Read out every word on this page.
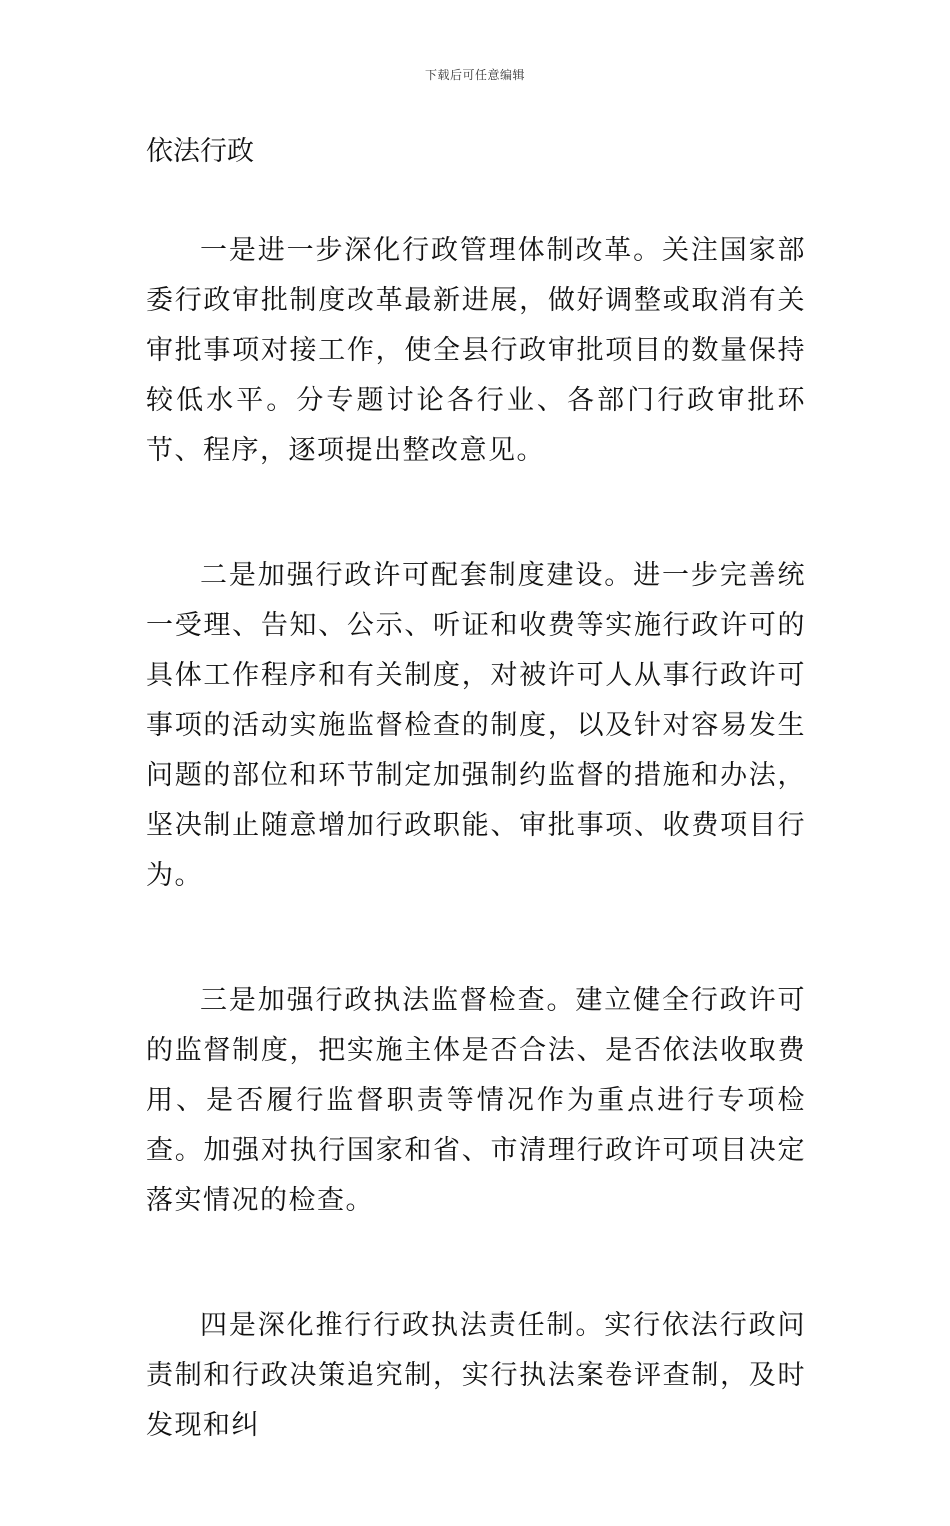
下载后可任意编辑
依法行政

一是进一步深化行政管理体制改革。关注国家部委行政审批制度改革最新进展，做好调整或取消有关审批事项对接工作，使全县行政审批项目的数量保持较低水平。分专题讨论各行业、各部门行政审批环节、程序，逐项提出整改意见。

二是加强行政许可配套制度建设。进一步完善统一受理、告知、公示、听证和收费等实施行政许可的具体工作程序和有关制度，对被许可人从事行政许可事项的活动实施监督检查的制度，以及针对容易发生问题的部位和环节制定加强制约监督的措施和办法，坚决制止随意增加行政职能、审批事项、收费项目行为。

三是加强行政执法监督检查。建立健全行政许可的监督制度，把实施主体是否合法、是否依法收取费用、是否履行监督职责等情况作为重点进行专项检查。加强对执行国家和省、市清理行政许可项目决定落实情况的检查。

四是深化推行行政执法责任制。实行依法行政问责制和行政决策追究制，实行执法案卷评查制，及时发现和纠
